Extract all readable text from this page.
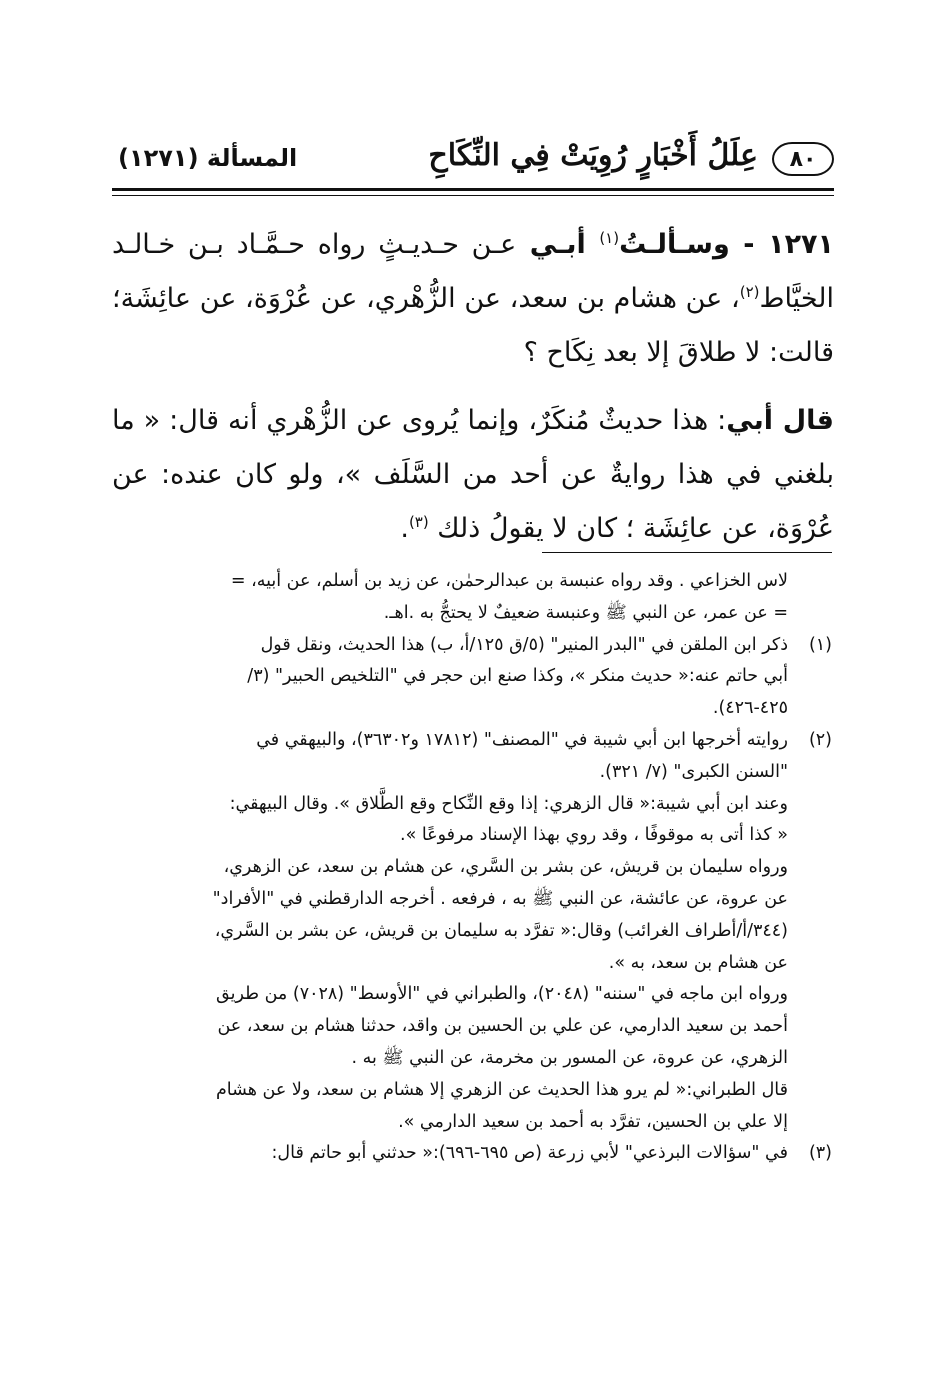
٨٠
عِلَلُ أَخْبَارٍ رُوِيَتْ فِي النِّكَاحِ
المسألة (١٢٧١)

١٢٧١ - وسـألـتُ$^{(١)}$ أبـي عـن حـديـثٍ رواه حـمَّـاد بـن خـالـد الخيَّاط$^{(٢)}$، عن هشام بن سعد، عن الزُّهْري، عن عُرْوَة، عن عائِشَة؛ قالت: لا طلاقَ إلا بعد نِكَاح ؟

قال أبي: هذا حديثٌ مُنكَرٌ، وإنما يُروى عن الزُّهْري أنه قال: « ما بلغني في هذا روايةٌ عن أحد من السَّلَف »، ولو كان عنده: عن عُرْوَة، عن عائِشَة ؛ كان لا يقولُ ذلك $^{(٣)}$.

لاس الخزاعي . وقد رواه عنبسة بن عبدالرحمٰن، عن زيد بن أسلم، عن أبيه، =
= عن عمر، عن النبي ﷺ وعنبسة ضعيفٌ لا يحتجُّ به .اهـ.
(١)
ذكر ابن الملقن في "البدر المنير" (٥/ق ١٢٥/أ، ب) هذا الحديث، ونقل قول
أبي حاتم عنه:« حديث منكر »، وكذا صنع ابن حجر في "التلخيص الحبير" (٣/
٤٢٥-٤٢٦).
(٢)
روايته أخرجها ابن أبي شيبة في "المصنف" (١٧٨١٢ و٣٦٣٠٢)، والبيهقي في
"السنن الكبرى" (٧/ ٣٢١).
وعند ابن أبي شيبة:« قال الزهري: إذا وقع النِّكاح وقع الطَّلاق ». وقال البيهقي:
« كذا أتى به موقوفًا ، وقد روي بهذا الإسناد مرفوعًا ».
ورواه سليمان بن قريش، عن بشر بن السَّري، عن هشام بن سعد، عن الزهري،
عن عروة، عن عائشة، عن النبي ﷺ به ، فرفعه . أخرجه الدارقطني في "الأفراد"
(٣٤٤/أ/أطراف الغرائب) وقال:« تفرَّد به سليمان بن قريش، عن بشر بن السَّري،
عن هشام بن سعد، به ».
ورواه ابن ماجه في "سننه" (٢٠٤٨)، والطبراني في "الأوسط" (٧٠٢٨) من طريق
أحمد بن سعيد الدارمي، عن علي بن الحسين بن واقد، حدثنا هشام بن سعد، عن
الزهري، عن عروة، عن المسور بن مخرمة، عن النبي ﷺ به .
قال الطبراني:« لم يرو هذا الحديث عن الزهري إلا هشام بن سعد، ولا عن هشام
إلا علي بن الحسين، تفرَّد به أحمد بن سعيد الدارمي ».
(٣)
في "سؤالات البرذعي" لأبي زرعة (ص ٦٩٥-٦٩٦):« حدثني أبو حاتم قال:
